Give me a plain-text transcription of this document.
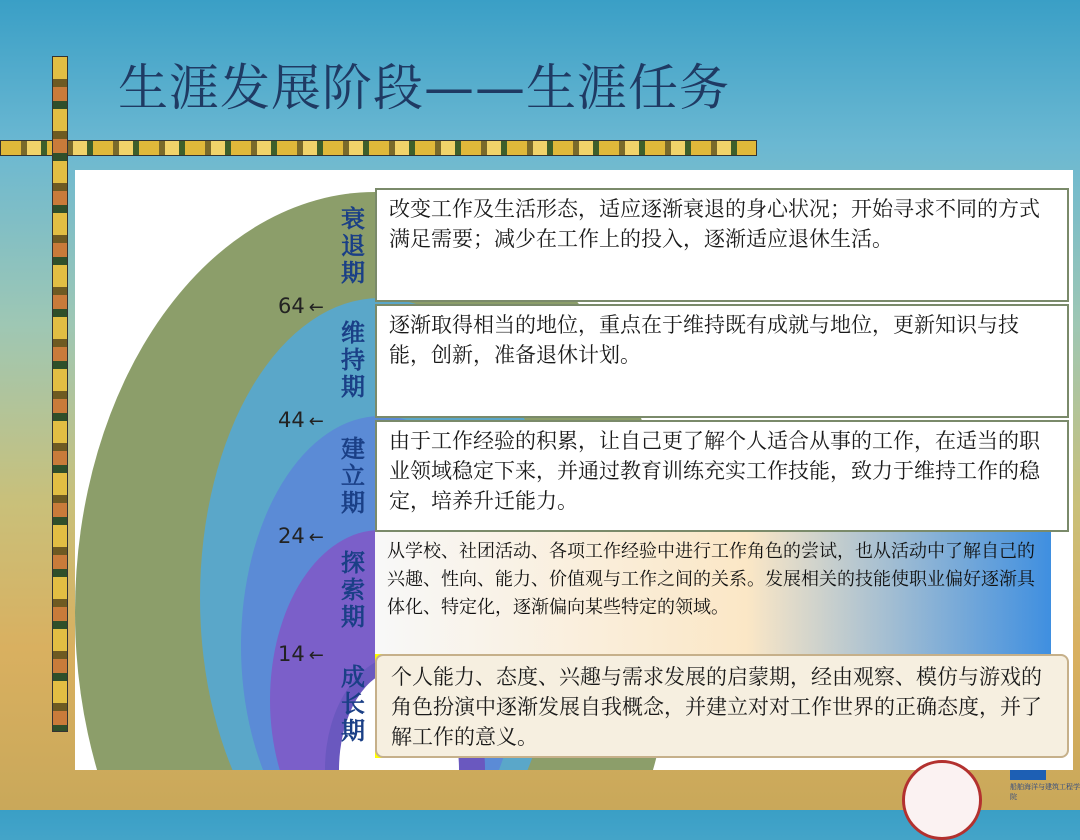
生涯发展阶段——生涯任务
衰退期
维持期
建立期
探索期
成长期
64 ←
44 ←
24 ←
14 ←
改变工作及生活形态，适应逐渐衰退的身心状况；开始寻求不同的方式满足需要；减少在工作上的投入，逐渐适应退休生活。
逐渐取得相当的地位，重点在于维持既有成就与地位，更新知识与技能，创新，准备退休计划。
由于工作经验的积累，让自己更了解个人适合从事的工作，在适当的职业领域稳定下来，并通过教育训练充实工作技能，致力于维持工作的稳定，培养升迁能力。
从学校、社团活动、各项工作经验中进行工作角色的尝试，也从活动中了解自己的兴趣、性向、能力、价值观与工作之间的关系。发展相关的技能使职业偏好逐渐具体化、特定化，逐渐偏向某些特定的领域。
个人能力、态度、兴趣与需求发展的启蒙期，经由观察、模仿与游戏的角色扮演中逐渐发展自我概念，并建立对对工作世界的正确态度，并了解工作的意义。
船舶海洋与建筑工程学院
